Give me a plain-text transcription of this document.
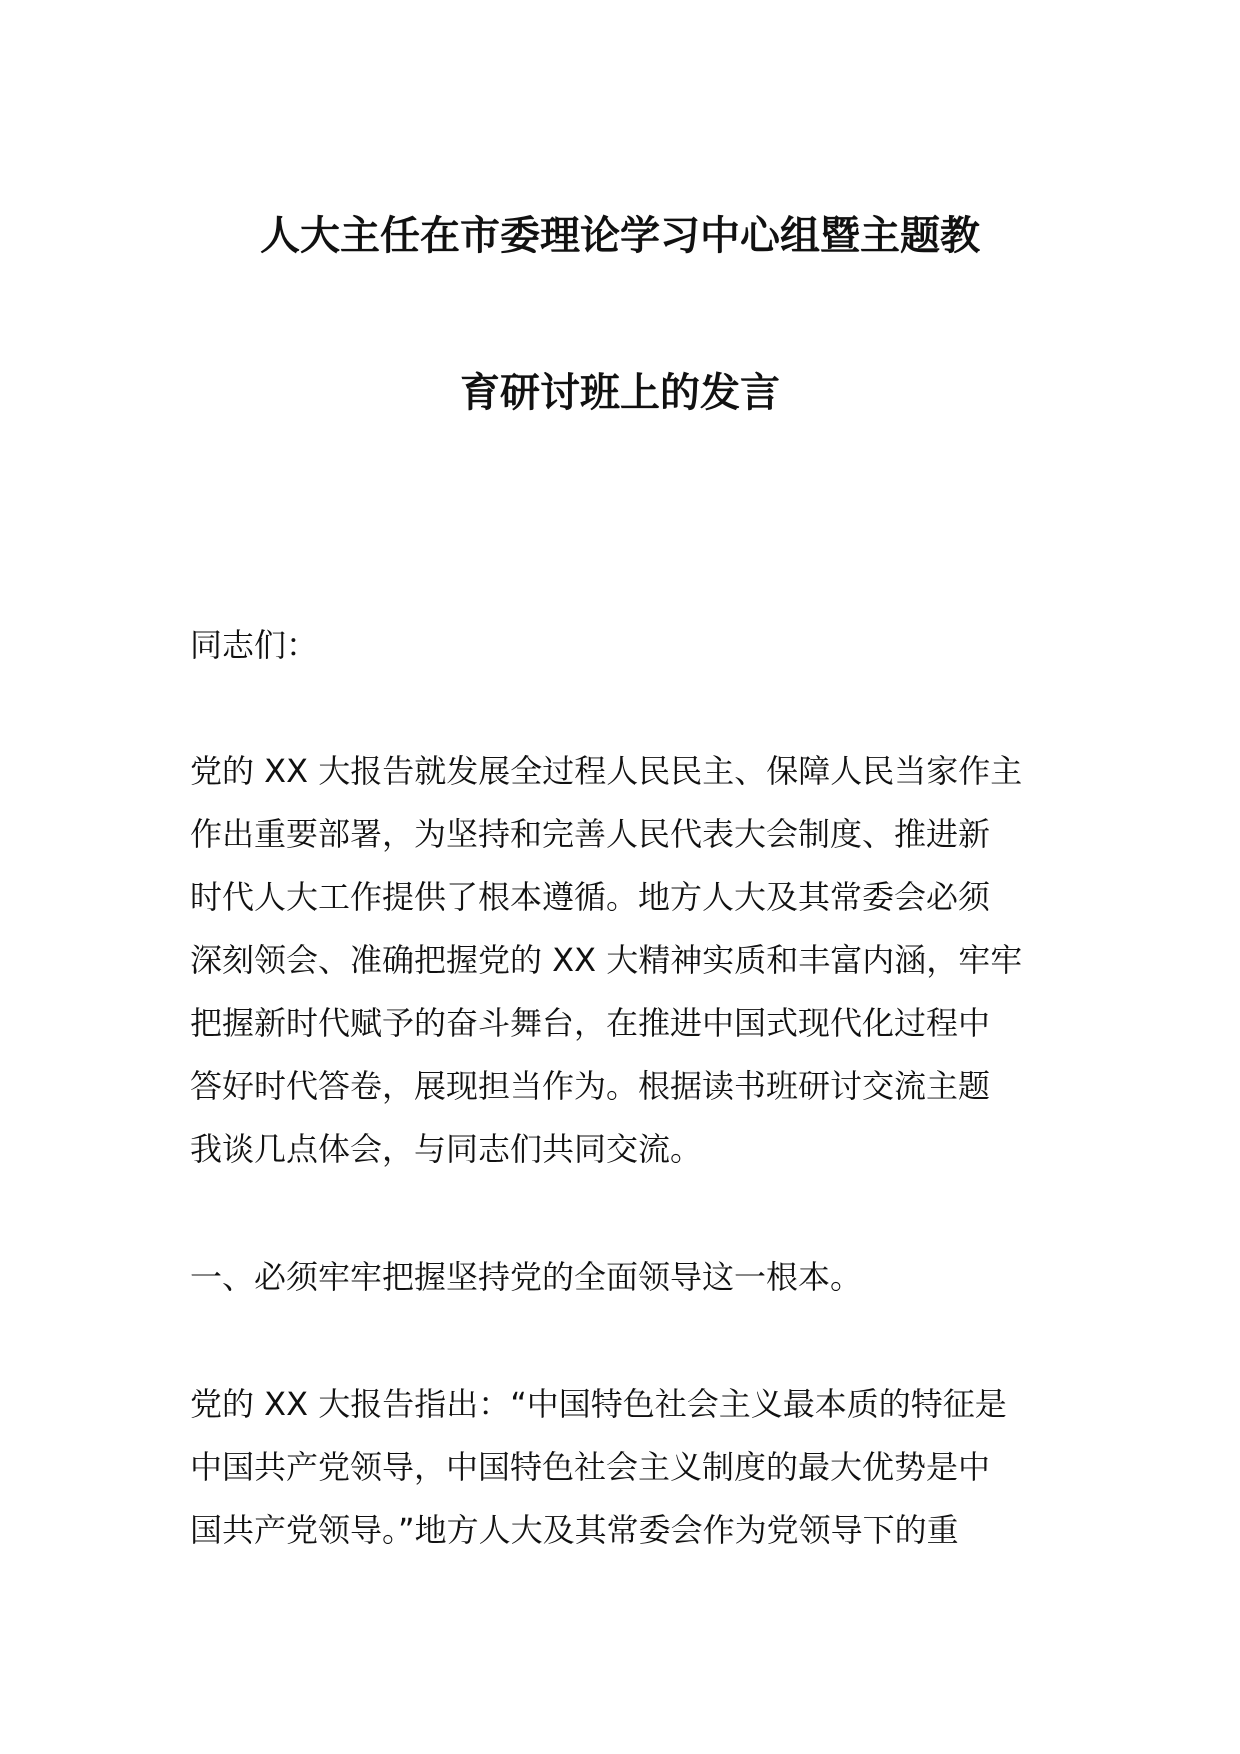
人大主任在市委理论学习中心组暨主题教
育研讨班上的发言

同志们：

党的 XX 大报告就发展全过程人民民主、保障人民当家作主
作出重要部署，为坚持和完善人民代表大会制度、推进新
时代人大工作提供了根本遵循。地方人大及其常委会必须
深刻领会、准确把握党的 XX 大精神实质和丰富内涵，牢牢
把握新时代赋予的奋斗舞台，在推进中国式现代化过程中
答好时代答卷，展现担当作为。根据读书班研讨交流主题
我谈几点体会，与同志们共同交流。

一、必须牢牢把握坚持党的全面领导这一根本。

党的 XX 大报告指出：“中国特色社会主义最本质的特征是
中国共产党领导，中国特色社会主义制度的最大优势是中
国共产党领导。”地方人大及其常委会作为党领导下的重
